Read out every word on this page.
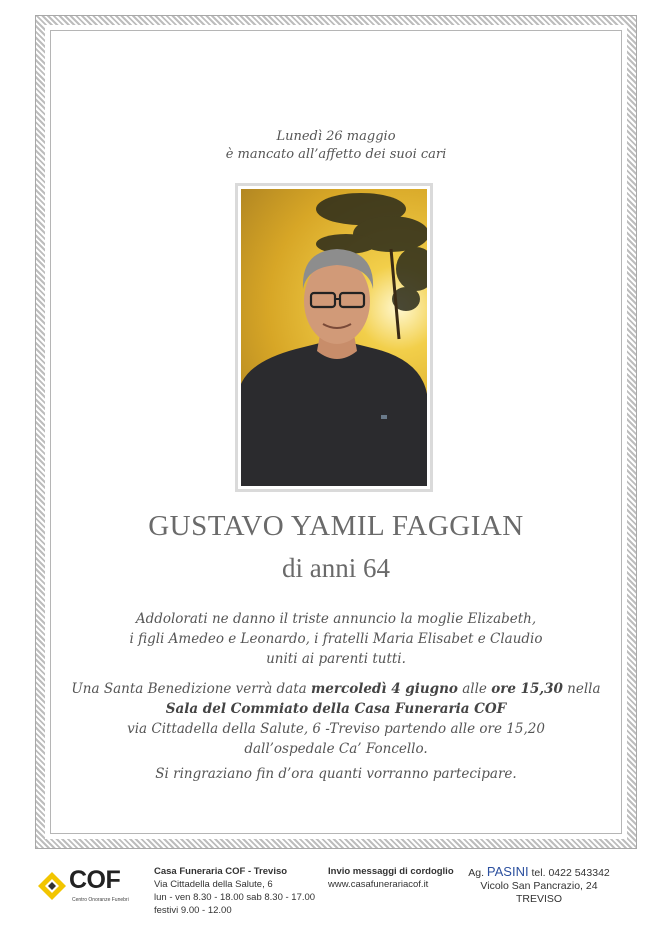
Lunedì 26 maggio
è mancato all’affetto dei suoi cari
GUSTAVO YAMIL FAGGIAN
di anni 64
Addolorati ne danno il triste annuncio la moglie Elizabeth,
i figli Amedeo e Leonardo, i fratelli Maria Elisabet e Claudio
uniti ai parenti tutti.
Una Santa Benedizione verrà data mercoledì 4 giugno alle ore 15,30 nella
Sala del Commiato della Casa Funeraria COF
via Cittadella della Salute, 6 -Treviso partendo alle ore 15,20
dall’ospedale Ca’ Foncello.
Si ringraziano fin d’ora quanti vorranno partecipare.
COF
Centro Onoranze Funebri
Casa Funeraria COF - Treviso
Via Cittadella della Salute, 6
lun - ven 8.30 - 18.00 sab 8.30 - 17.00
festivi 9.00 - 12.00
Invio messaggi di cordoglio
www.casafunerariacof.it
Ag. PASINI tel. 0422 543342
Vicolo San Pancrazio, 24
TREVISO
